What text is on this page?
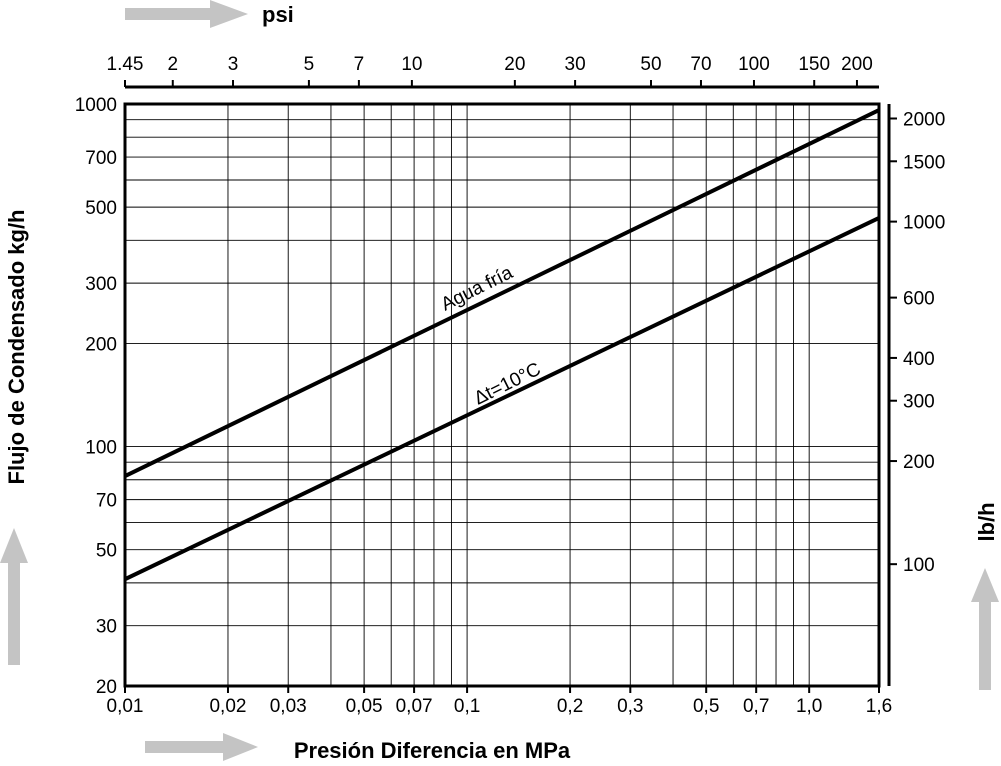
0,01	0,02 0,03 0,05 0,07 0,1	0,2 0,3	0,5 0,7 1,0 1,6
20
30
50
70
100
200
300
500
700
1000
1.45 2	3	5 7 10	20 30	50 70 100 150 200
100
200
300
400
600
1000
1500
2000
Presión Diferencia en MPa
psi
Flujo de Condensado kg/h
lb/h
Agua fría
Δt=10°C
